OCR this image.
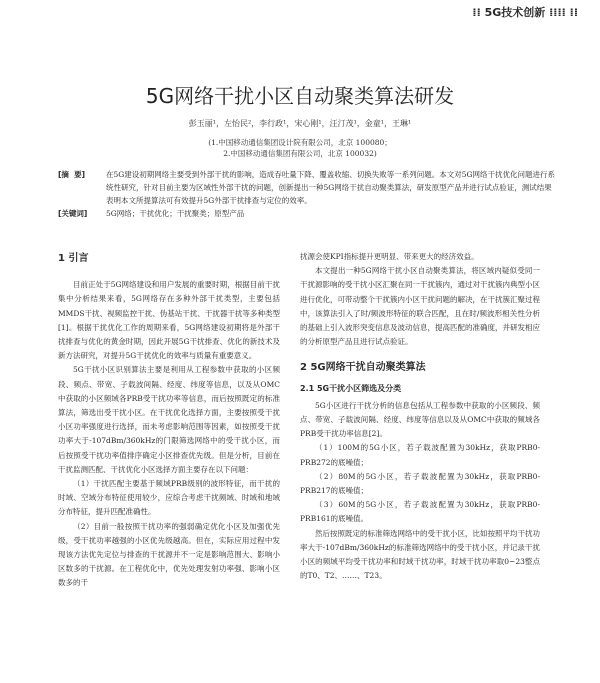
⁞⁞ 5G技术创新 ⁞⁞⁞⁞ ⁞⁞
5G网络干扰小区自动聚类算法研发
彭玉丽¹，左怡民²，李行政¹，宋心刚¹，汪汀茂¹，金童¹，王琳¹
(1.中国移动通信集团设计院有限公司，北京 100080；
2.中国移动通信集团有限公司，北京 100032)
[摘  要]	在5G建设初期网络主要受到外部干扰的影响，造成吞吐量下降、覆盖收缩、切换失败等一系列问题。本文对5G网络干扰优化问题进行系统性研究，针对目前主要为区域性外部干扰的问题，创新提出一种5G网络干扰自动聚类算法，研发原型产品并进行试点验证，测试结果表明本文所提算法可有效提升5G外部干扰排查与定位的效率。
[关键词]	5G网络；干扰优化；干扰聚类；原型产品
1 引言

目前正处于5G网络建设和用户发展的重要时期，根据目前干扰集中分析结果来看，5G网络存在多种外部干扰类型，主要包括MMDS干扰、视频监控干扰、伪基站干扰、干扰器干扰等多种类型[1]。根据干扰优化工作的周期来看，5G网络建设初期将是外部干扰排查与优化的黄金时期，因此开展5G干扰排查、优化的新技术及新方法研究，对提升5G干扰优化的效率与质量有重要意义。

5G干扰小区识别算法主要是利用从工程参数中获取的小区频段、频点、带宽、子载波间隔、经度、纬度等信息，以及从OMC中获取的小区频域各PRB受干扰功率等信息，而后按照既定的标准算法，筛选出受干扰小区。在干扰优化选择方面，主要按照受干扰小区功率强度进行选择，而未考虑影响范围等因素，如按照受干扰功率大于-107dBm/360kHz的门限筛选网络中的受干扰小区，而后按照受干扰功率值排序确定小区排查优先级。但是分析，目前在干扰监测匹配、干扰优化小区选择方面主要存在以下问题：

（1）干扰匹配主要基于频域PRB级别的波形特征，而干扰的时域、空域分布特征使用较少，应综合考虑干扰频域、时域和地域分布特征，提升匹配准确性。

（2）目前一般按照干扰功率的强弱确定优化小区及加强优先级，受干扰功率越强的小区优先级越高。但在，实际应用过程中发现该方法优先定位与排查的干扰源并不一定是影响范围大、影响小区数多的干扰源。在工程优化中，优先处理发射功率强、影响小区数多的干

扰源会使KPI指标提升更明显、带来更大的经济效益。

本文提出一种5G网络干扰小区自动聚类算法，将区域内疑似受同一干扰源影响的受干扰小区汇聚在同一干扰簇内，通过对干扰簇内典型小区进行优化，可带动整个干扰簇内小区干扰问题的解决，在干扰簇汇聚过程中，该算法引入了时/频波形特征的联合匹配，且在时/频波形相关性分析的基础上引入波形突变信息及波动信息，提高匹配的准确度，并研发相应的分析原型产品且进行试点验证。

2 5G网络干扰自动聚类算法
2.1 5G干扰小区筛选及分类

5G小区进行干扰分析的信息包括从工程参数中获取的小区频段、频点、带宽、子载波间隔、经度、纬度等信息以及从OMC中获取的频域各PRB受干扰功率信息[2]。

（1）100M的5G小区，若子载波配置为30kHz，获取PRB0-PRB272的底噪值；

（2）80M的5G小区，若子载波配置为30kHz，获取PRB0-PRB217的底噪值；

（3）60M的5G小区，若子载波配置为30kHz，获取PRB0-PRB161的底噪值。

然后按照既定的标准筛选网络中的受干扰小区，比如按照平均干扰功率大于-107dBm/360kHz的标准筛选网络中的受干扰小区，并记录干扰小区的频域平均受干扰功率和时域干扰功率，时域干扰功率取0~23整点的T0、T2、……、T23。
